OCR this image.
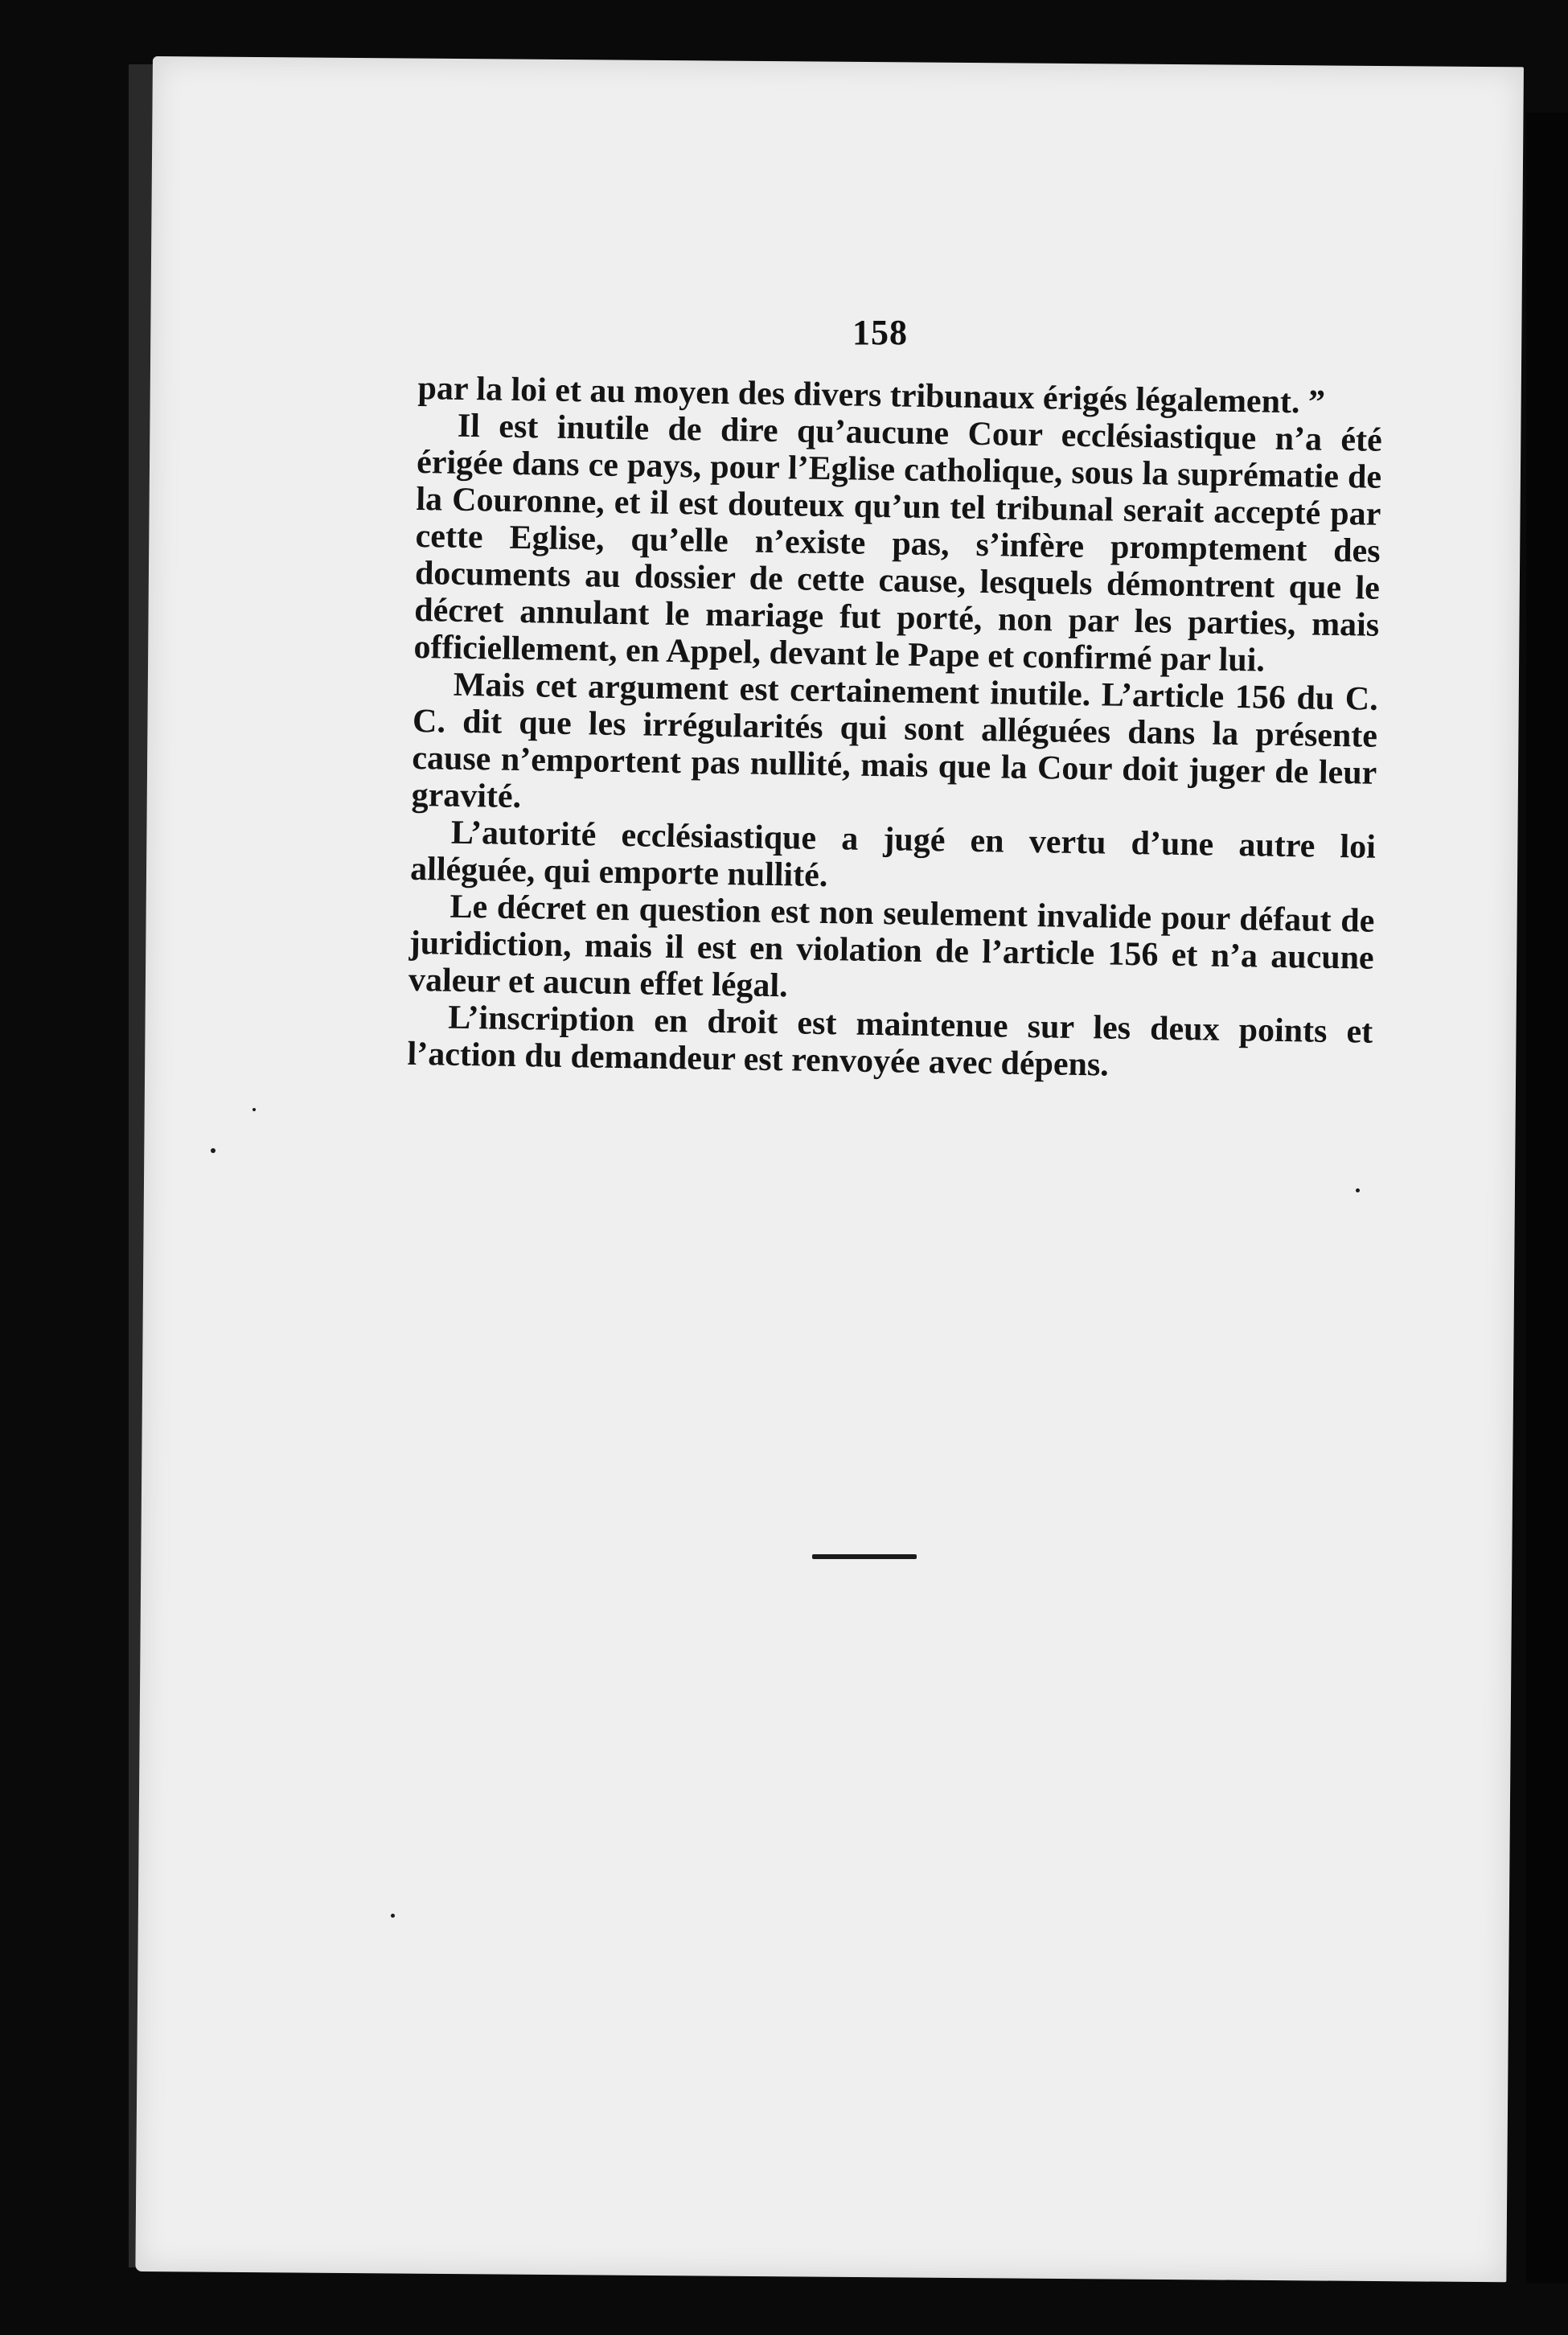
158

par la loi et au moyen des divers tribunaux érigés légalement. ”

Il est inutile de dire qu’aucune Cour ecclésiastique n’a été érigée dans ce pays, pour l’Eglise catholique, sous la suprématie de la Couronne, et il est douteux qu’un tel tribunal serait accepté par cette Eglise, qu’elle n’existe pas, s’infère promptement des documents au dossier de cette cause, lesquels démontrent que le décret annulant le mariage fut porté, non par les parties, mais officiellement, en Appel, devant le Pape et confirmé par lui.

Mais cet argument est certainement inutile. L’article 156 du C. C. dit que les irrégularités qui sont alléguées dans la présente cause n’emportent pas nullité, mais que la Cour doit juger de leur gravité.

L’autorité ecclésiastique a jugé en vertu d’une autre loi alléguée, qui emporte nullité.

Le décret en question est non seulement invalide pour défaut de juridiction, mais il est en violation de l’article 156 et n’a aucune valeur et aucun effet légal.

L’inscription en droit est maintenue sur les deux points et l’action du demandeur est renvoyée avec dépens.
